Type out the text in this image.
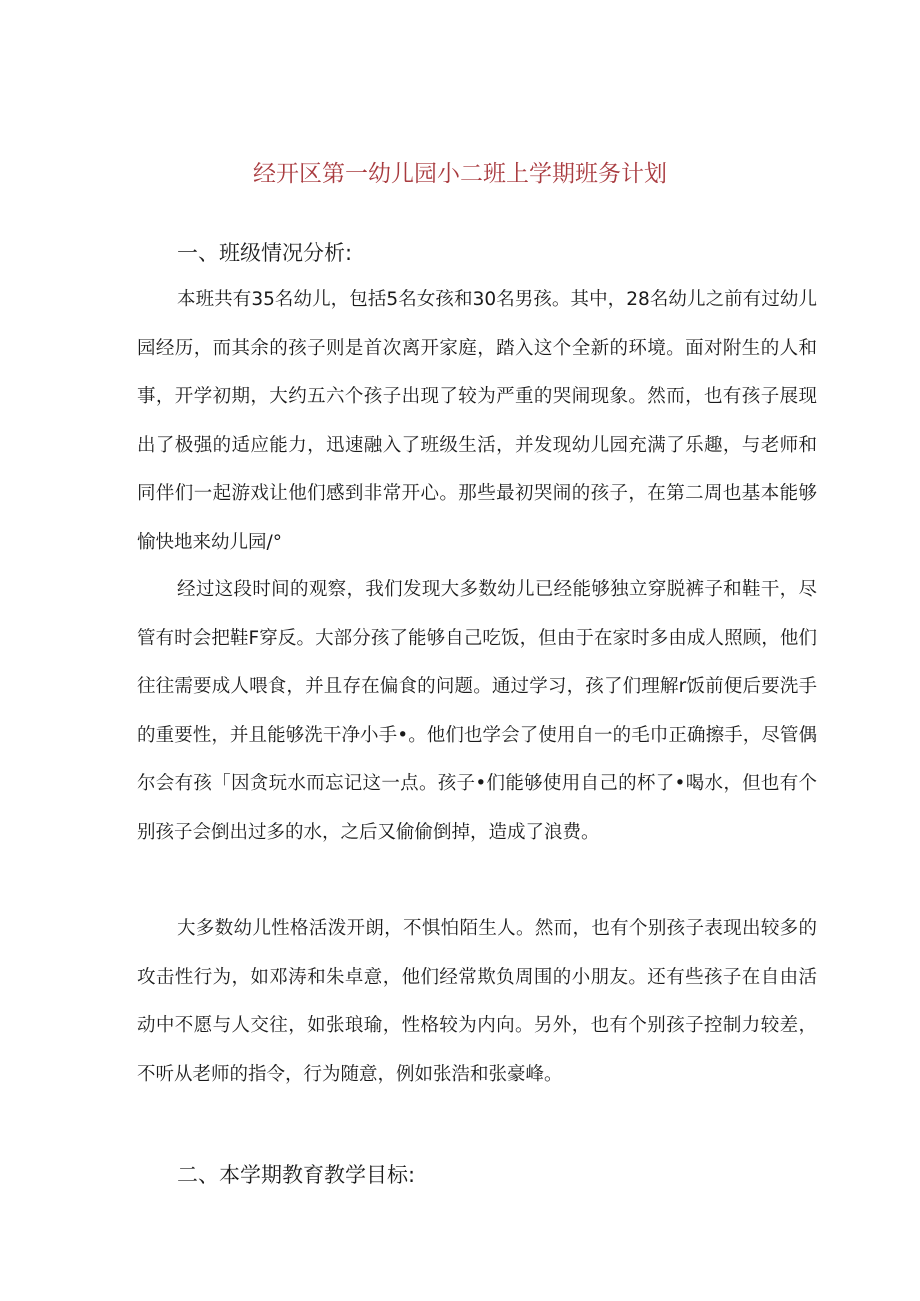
经开区第一幼儿园小二班上学期班务计划
一、班级情况分析:

本班共有35名幼儿，包括5名女孩和30名男孩。其中，28名幼儿之前有过幼儿园经历，而其余的孩子则是首次离开家庭，踏入这个全新的环境。面对附生的人和事，开学初期，大约五六个孩子出现了较为严重的哭闹现象。然而，也有孩子展现出了极强的适应能力，迅速融入了班级生活，并发现幼儿园充满了乐趣，与老师和同伴们一起游戏让他们感到非常开心。那些最初哭闹的孩子，在第二周也基本能够愉快地来幼儿园/°

经过这段时间的观察，我们发现大多数幼儿已经能够独立穿脱裤子和鞋干，尽管有时会把鞋F穿反。大部分孩了能够自己吃饭，但由于在家时多由成人照顾，他们往往需要成人喂食，并且存在偏食的问题。通过学习，孩了们理解r饭前便后要洗手的重要性，并且能够洗干净小手•。他们也学会了使用自一的毛巾正确擦手，尽管偶尔会有孩「因贪玩水而忘记这一点。孩子•们能够使用自己的杯了•喝水，但也有个别孩子会倒出过多的水，之后又偷偷倒掉，造成了浪费。

大多数幼儿性格活泼开朗，不惧怕陌生人。然而，也有个别孩子表现出较多的攻击性行为，如邓涛和朱卓意，他们经常欺负周围的小朋友。还有些孩子在自由活动中不愿与人交往，如张琅瑜，性格较为内向。另外，也有个别孩子控制力较差，不听从老师的指令，行为随意，例如张浩和张豪峰。

二、本学期教育教学目标:
